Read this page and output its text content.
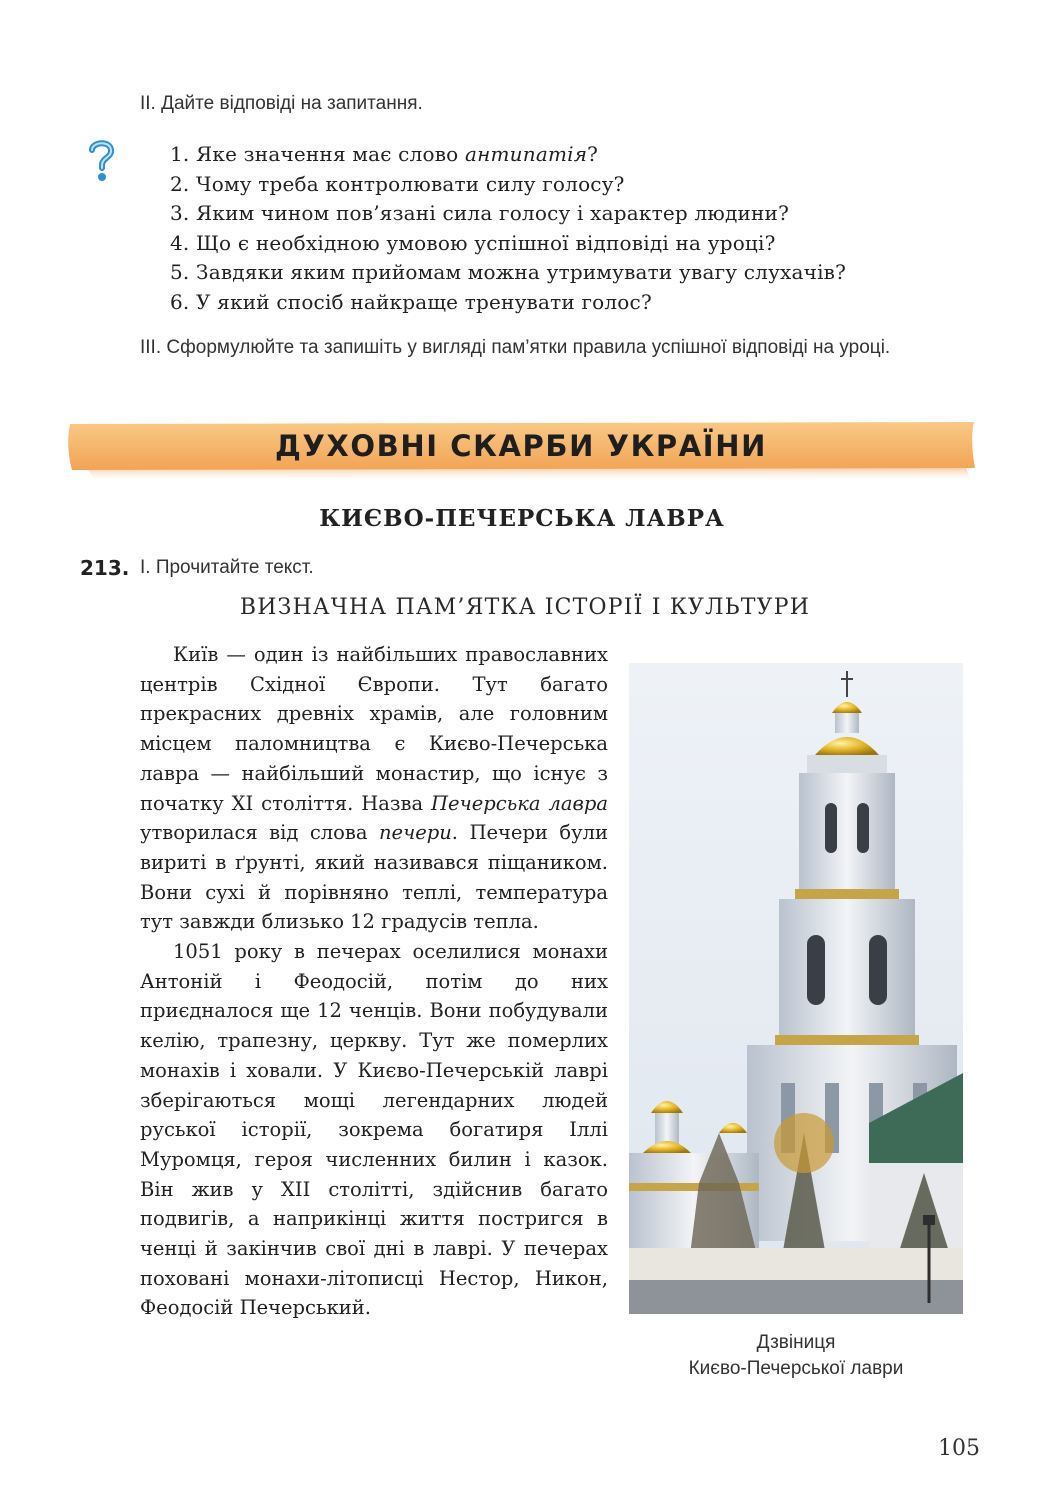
II. Дайте відповіді на запитання.
1. Яке значення має слово антипатія?
2. Чому треба контролювати силу голосу?
3. Яким чином пов’язані сила голосу і характер людини?
4. Що є необхідною умовою успішної відповіді на уроці?
5. Завдяки яким прийомам можна утримувати увагу слухачів?
6. У який спосіб найкраще тренувати голос?
III. Сформулюйте та запишіть у вигляді пам’ятки правила успішної відповіді на уроці.
ДУХОВНІ СКАРБИ УКРАЇНИ
КИЄВО-ПЕЧЕРСЬКА ЛАВРА
213. I. Прочитайте текст.
ВИЗНАЧНА ПАМ’ЯТКА ІСТОРІЇ І КУЛЬТУРИ

Київ — один із найбільших православних центрів Східної Європи. Тут багато прекрасних древніх храмів, але головним місцем паломництва є Києво-Печерська лавра — найбільший монастир, що існує з початку XI століття. Назва Печерська лавра утворилася від слова печери. Печери були вириті в ґрунті, який називався піщаником. Вони сухі й порівняно теплі, температура тут завжди близько 12 градусів тепла.

1051 року в печерах оселилися монахи Антоній і Феодосій, потім до них приєдналося ще 12 ченців. Вони побудували келію, трапезну, церкву. Тут же померлих монахів і ховали. У Києво-Печерській лаврі зберігаються мощі легендарних людей руської історії, зокрема богатиря Іллі Муромця, героя численних билин і казок. Він жив у XII столітті, здійснив багато подвигів, а наприкінці життя постригся в ченці й закінчив свої дні в лаврі. У печерах поховані монахи-літописці Нестор, Никон, Феодосій Печерський.

Дзвіниця
Києво-Печерської лаври
105
